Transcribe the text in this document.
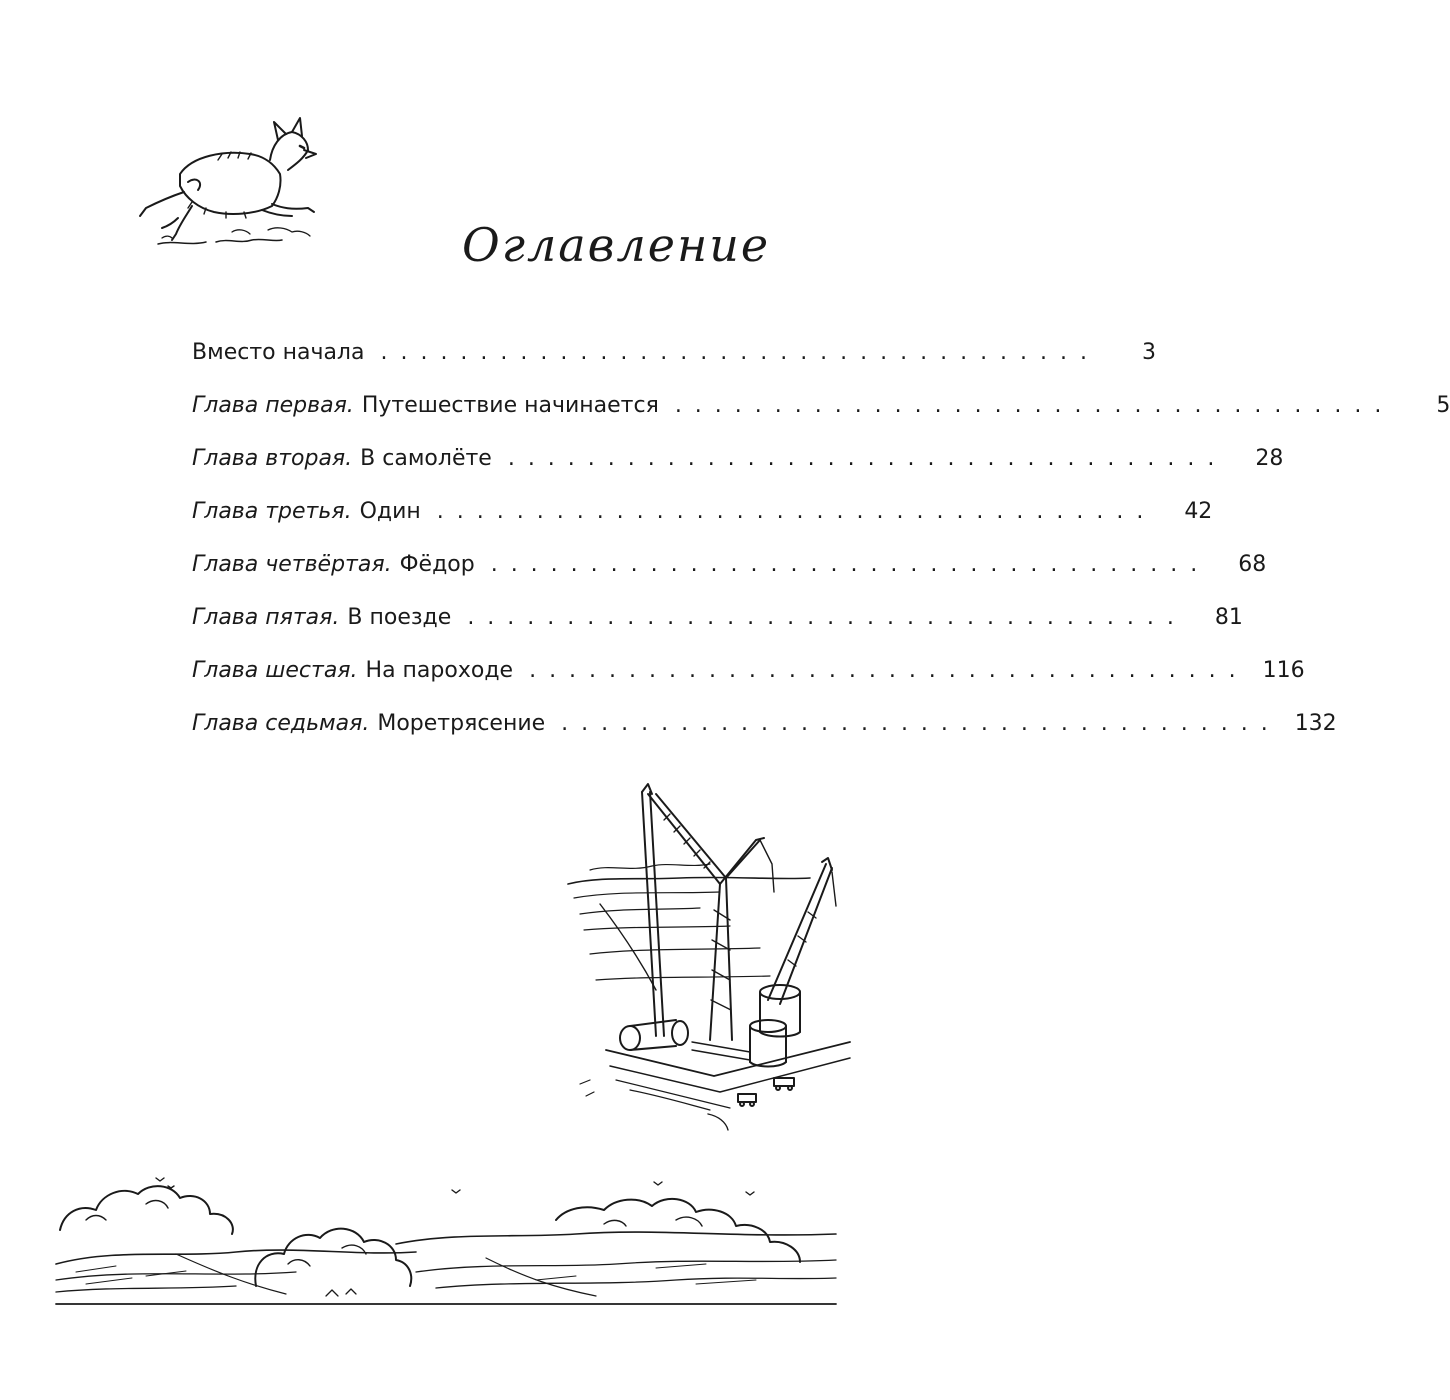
Оглавление
Вместо начала . . . . . . . . . . . . . . . . . . . . . . . . . . . . . . . . . . . .	3
Глава первая. Путешествие начинается . . . . . . . . . . . . . . . . . . . . . . . . . . . . . . . . . . . .	5
Глава вторая. В самолёте . . . . . . . . . . . . . . . . . . . . . . . . . . . . . . . . . . . .	28
Глава третья. Один . . . . . . . . . . . . . . . . . . . . . . . . . . . . . . . . . . . .	42
Глава четвёртая. Фёдор . . . . . . . . . . . . . . . . . . . . . . . . . . . . . . . . . . . .	68
Глава пятая. В поезде . . . . . . . . . . . . . . . . . . . . . . . . . . . . . . . . . . . .	81
Глава шестая. На пароходе . . . . . . . . . . . . . . . . . . . . . . . . . . . . . . . . . . . .	116
Глава седьмая. Моретрясение . . . . . . . . . . . . . . . . . . . . . . . . . . . . . . . . . . . .	132
